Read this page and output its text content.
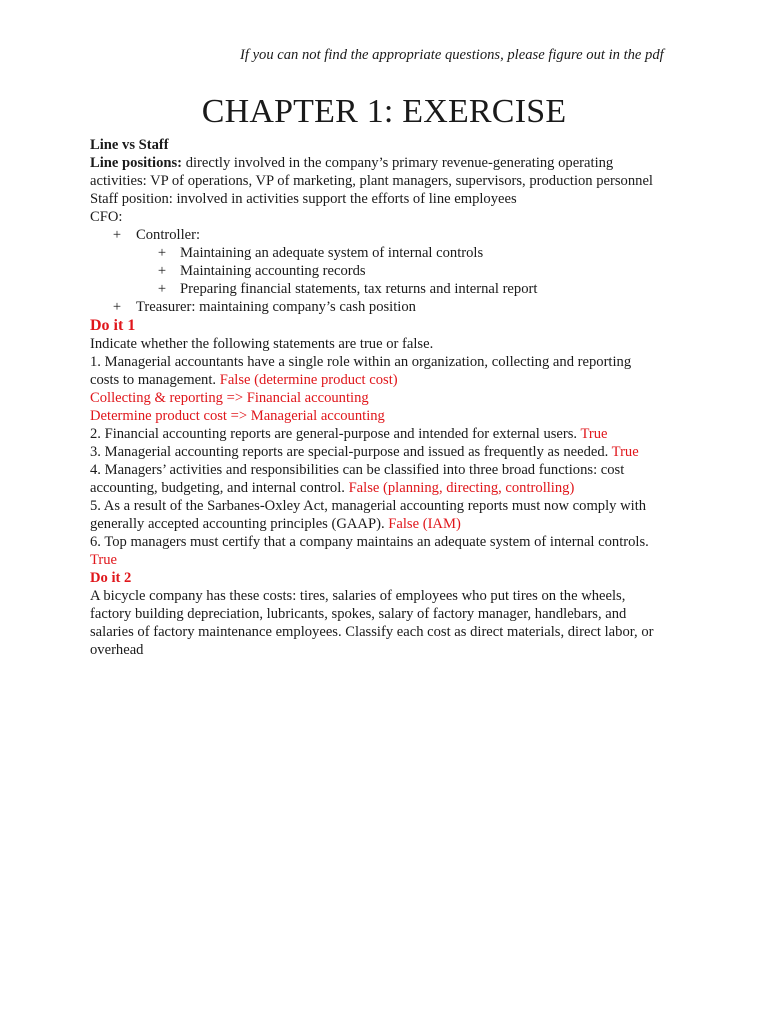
If you can not find the appropriate questions, please figure out in the pdf
CHAPTER 1: EXERCISE
Line vs Staff
Line positions: directly involved in the company’s primary revenue-generating operating
activities: VP of operations, VP of marketing, plant managers, supervisors, production personnel
Staff position: involved in activities support the efforts of line employees
CFO:
+ Controller:
+ Maintaining an adequate system of internal controls
+ Maintaining accounting records
+ Preparing financial statements, tax returns and internal report
+ Treasurer: maintaining company’s cash position
Do it 1
Indicate whether the following statements are true or false.
1. Managerial accountants have a single role within an organization, collecting and reporting
costs to management. False (determine product cost)
Collecting & reporting => Financial accounting
Determine product cost => Managerial accounting
2. Financial accounting reports are general-purpose and intended for external users. True
3. Managerial accounting reports are special-purpose and issued as frequently as needed. True
4. Managers’ activities and responsibilities can be classified into three broad functions: cost
accounting, budgeting, and internal control. False (planning, directing, controlling)
5. As a result of the Sarbanes-Oxley Act, managerial accounting reports must now comply with
generally accepted accounting principles (GAAP). False (IAM)
6. Top managers must certify that a company maintains an adequate system of internal controls.
True
Do it 2
A bicycle company has these costs: tires, salaries of employees who put tires on the wheels,
factory building depreciation, lubricants, spokes, salary of factory manager, handlebars, and
salaries of factory maintenance employees. Classify each cost as direct materials, direct labor, or
overhead
